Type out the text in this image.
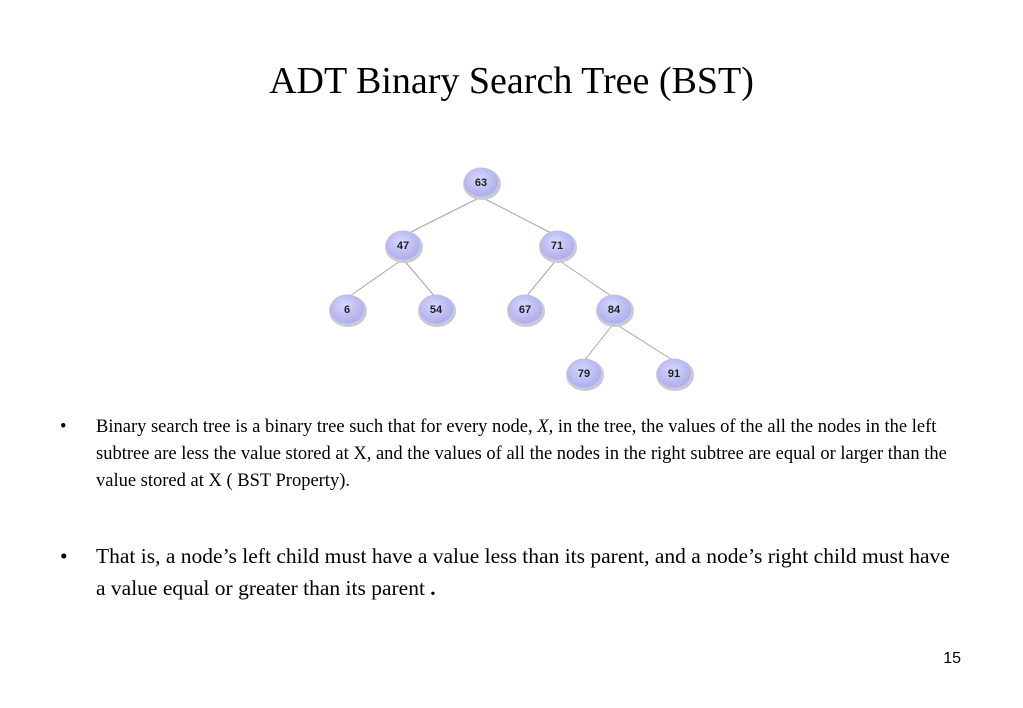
ADT Binary Search Tree (BST)
63
47	71
6	54	67	84
79	91
• Binary search tree is a binary tree such that for every node, X, in the tree, the values of the all the nodes in the left subtree are less the value stored at X, and the values of all the nodes in the right subtree are equal or larger than the value stored at X ( BST Property).
• That is, a node’s left child must have a value less than its parent, and a node’s right child must have a value equal or greater than its parent .
15
